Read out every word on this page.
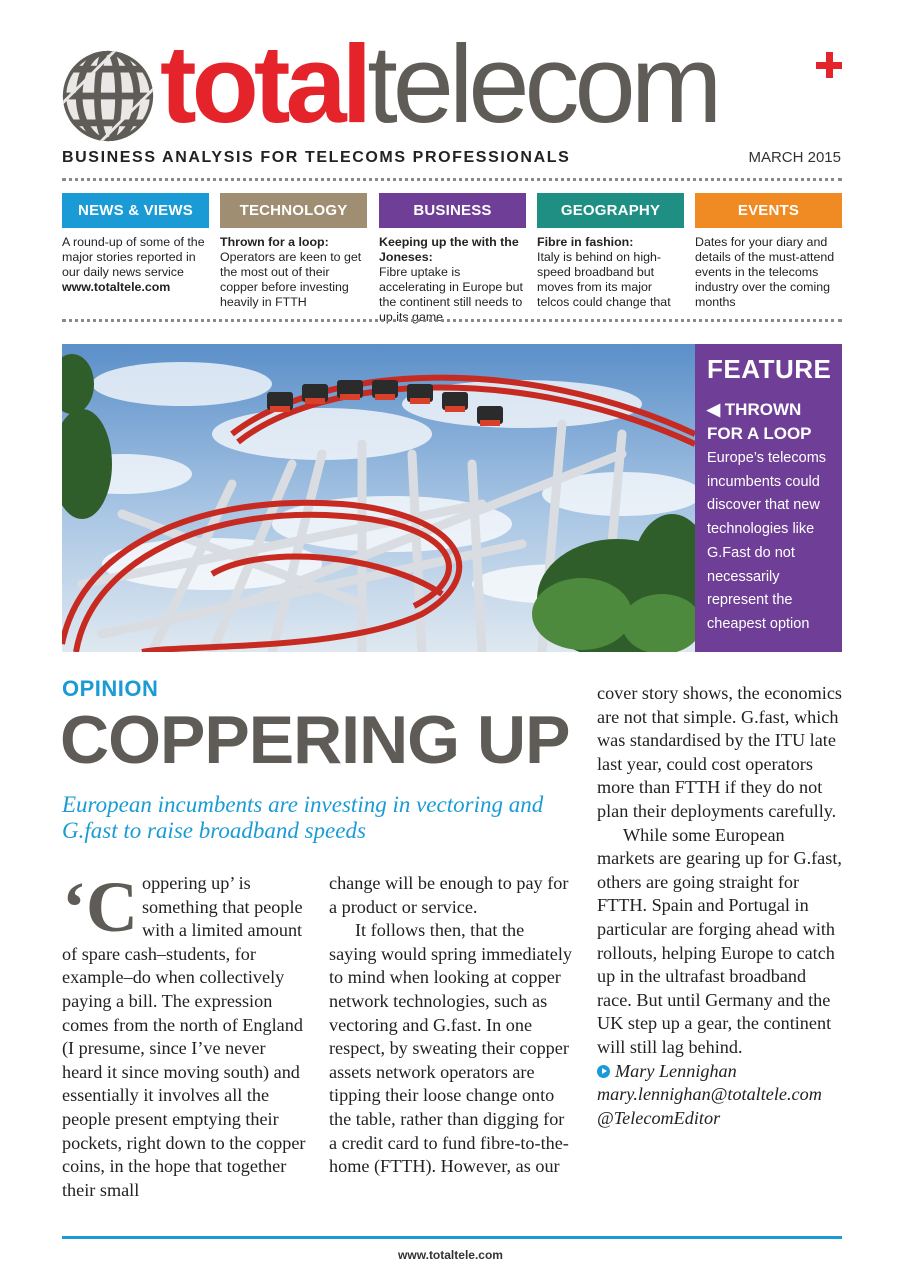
totaltelecom
BUSINESS ANALYSIS FOR TELECOMS PROFESSIONALS	MARCH 2015
NEWS & VIEWS
A round-up of some of the major stories reported in our daily news service www.totaltele.com
TECHNOLOGY
Thrown for a loop:
Operators are keen to get the most out of their copper before investing heavily in FTTH
BUSINESS
Keeping up the with the Joneses:
Fibre uptake is accelerating in Europe but the continent still needs to up its game
GEOGRAPHY
Fibre in fashion:
Italy is behind on high-speed broadband but moves from its major telcos could change that
EVENTS
Dates for your diary and details of the must-attend events in the telecoms industry over the coming months
FEATURE
◀ THROWN FOR A LOOP
Europe’s telecoms incumbents could discover that new technologies like G.Fast do not necessarily represent the cheapest option
OPINION
COPPERING UP
European incumbents are investing in vectoring and G.fast to raise broadband speeds

‘Coppering up’ is something that people with a limited amount of spare cash–students, for example–do when collectively paying a bill. The expression comes from the north of England (I presume, since I’ve never heard it since moving south) and essentially it involves all the people present emptying their pockets, right down to the copper coins, in the hope that together their small

change will be enough to pay for a product or service.

It follows then, that the saying would spring immediately to mind when looking at copper network technologies, such as vectoring and G.fast. In one respect, by sweating their copper assets network operators are tipping their loose change onto the table, rather than digging for a credit card to fund fibre-to-the-home (FTTH). However, as our

cover story shows, the economics are not that simple. G.fast, which was standardised by the ITU late last year, could cost operators more than FTTH if they do not plan their deployments carefully.

While some European markets are gearing up for G.fast, others are going straight for FTTH. Spain and Portugal in particular are forging ahead with rollouts, helping Europe to catch up in the ultrafast broadband race. But until Germany and the UK step up a gear, the continent will still lag behind.

Mary Lennighan

mary.lennighan@totaltele.com

@TelecomEditor

www.totaltele.com
